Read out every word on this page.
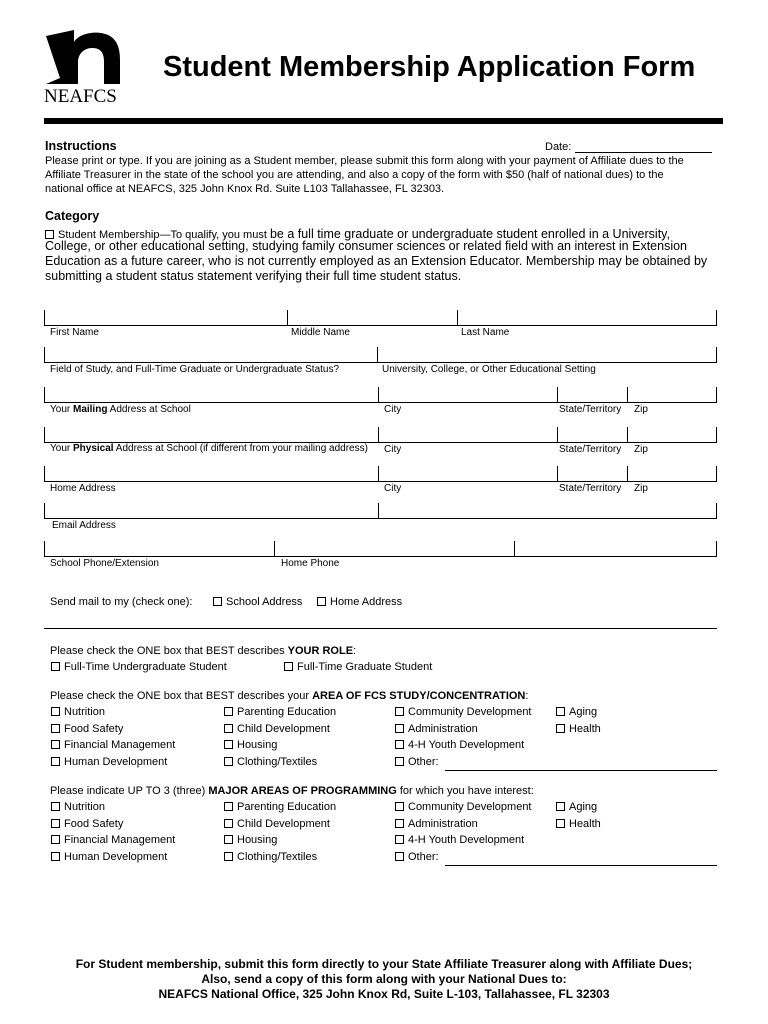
NEAFCS
Student Membership Application Form
Instructions	Date:
Please print or type. If you are joining as a Student member, please submit this form along with your payment of Affiliate dues to the
Affiliate Treasurer in the state of the school you are attending, and also a copy of the form with $50 (half of national dues) to the
national office at NEAFCS, 325 John Knox Rd. Suite L103 Tallahassee, FL 32303.
Category
Student Membership—To qualify, you must be a full time graduate or undergraduate student enrolled in a University,
College, or other educational setting, studying family consumer sciences or related field with an interest in Extension
Education as a future career, who is not currently employed as an Extension Educator. Membership may be obtained by
submitting a student status statement verifying their full time student status.
First Name	Middle Name	Last Name
Field of Study, and Full-Time Graduate or Undergraduate Status?	University, College, or Other Educational Setting
Your Mailing Address at School	City	State/Territory Zip
Your Physical Address at School (if different from your mailing address) City	State/Territory Zip
Home Address	City	State/Territory Zip
Email Address
School Phone/Extension	Home Phone
Send mail to my (check one):	School Address	Home Address
Please check the ONE box that BEST describes YOUR ROLE:
Full-Time Undergraduate Student	Full-Time Graduate Student
Please check the ONE box that BEST describes your AREA OF FCS STUDY/CONCENTRATION:
Nutrition	Parenting Education	Community Development	Aging
Food Safety	Child Development	Administration	Health
Financial Management	Housing	4-H Youth Development
Human Development	Clothing/Textiles	Other:
Please indicate UP TO 3 (three) MAJOR AREAS OF PROGRAMMING for which you have interest:
Nutrition	Parenting Education	Community Development	Aging
Food Safety	Child Development	Administration	Health
Financial Management	Housing	4-H Youth Development
Human Development	Clothing/Textiles	Other:
For Student membership, submit this form directly to your State Affiliate Treasurer along with Affiliate Dues;
Also, send a copy of this form along with your National Dues to:
NEAFCS National Office, 325 John Knox Rd, Suite L-103, Tallahassee, FL 32303
